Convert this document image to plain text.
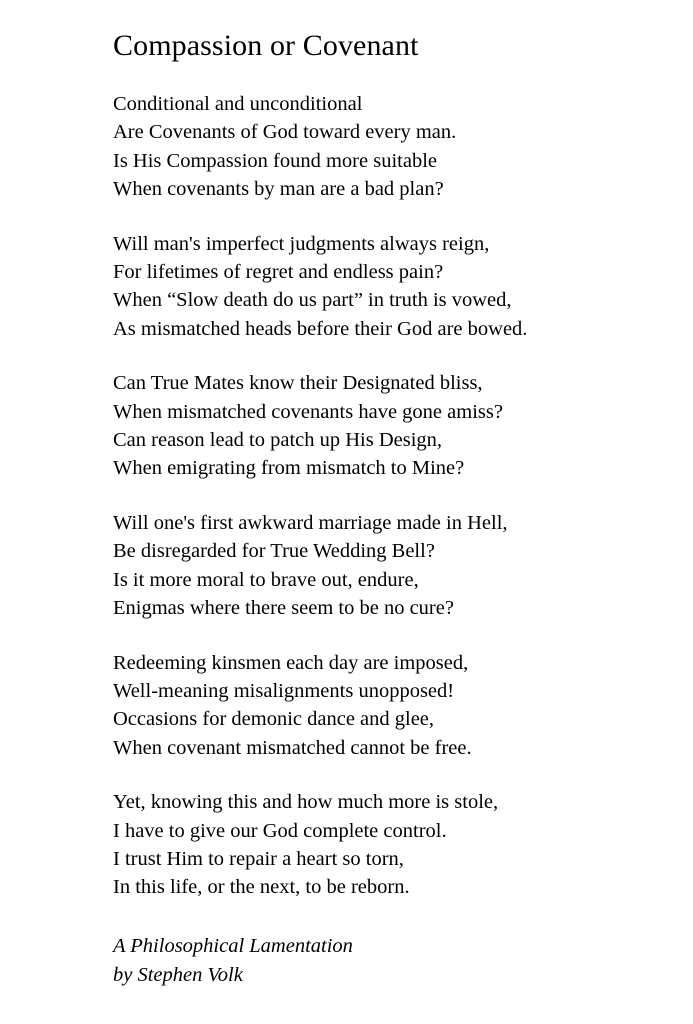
Compassion or Covenant
Conditional and unconditional
Are Covenants of God toward every man.
Is His Compassion found more suitable
When covenants by man are a bad plan?
Will man's imperfect judgments always reign,
For lifetimes of regret and endless pain?
When “Slow death do us part” in truth is vowed,
As mismatched heads before their God are bowed.
Can True Mates know their Designated bliss,
When mismatched covenants have gone amiss?
Can reason lead to patch up His Design,
When emigrating from mismatch to Mine?
Will one's first awkward marriage made in Hell,
Be disregarded for True Wedding Bell?
Is it more moral to brave out, endure,
Enigmas where there seem to be no cure?
Redeeming kinsmen each day are imposed,
Well-meaning misalignments unopposed!
Occasions for demonic dance and glee,
When covenant mismatched cannot be free.
Yet, knowing this and how much more is stole,
I have to give our God complete control.
I trust Him to repair a heart so torn,
In this life, or the next, to be reborn.
A Philosophical Lamentation
by Stephen Volk
